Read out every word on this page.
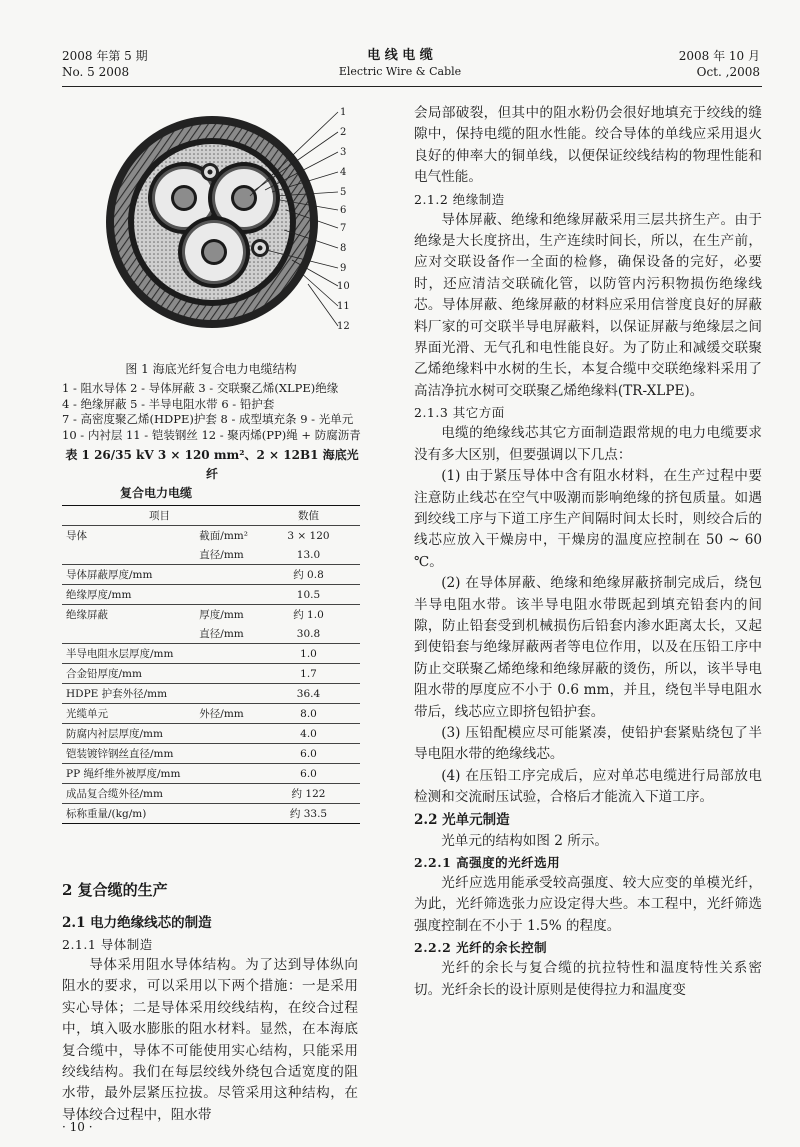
2008 年第 5 期
No. 5 2008
电 线 电 缆
Electric Wire & Cable
2008 年 10 月
Oct. ,2008
1
2
3
4
5
6
7
8
9
10
11
12
图 1 海底光纤复合电力电缆结构
1 - 阻水导体 2 - 导体屏蔽 3 - 交联聚乙烯(XLPE)绝缘
4 - 绝缘屏蔽 5 - 半导电阻水带 6 - 铅护套
7 - 高密度聚乙烯(HDPE)护套 8 - 成型填充条 9 - 光单元
10 - 内衬层 11 - 铠装钢丝 12 - 聚丙烯(PP)绳 + 防腐沥青
表 1 26/35 kV 3 × 120 mm²、2 × 12B1 海底光纤
复合电力电缆
项目		数值
导体	截面/mm²	3 × 120
	直径/mm	13.0
导体屏蔽厚度/mm		约 0.8
绝缘厚度/mm		10.5
绝缘屏蔽	厚度/mm	约 1.0
	直径/mm	30.8
半导电阻水层厚度/mm		1.0
合金铅厚度/mm		1.7
HDPE 护套外径/mm		36.4
光缆单元	外径/mm	8.0
防腐内衬层厚度/mm		4.0
铠装镀锌钢丝直径/mm		6.0
PP 绳纤维外被厚度/mm		6.0
成品复合缆外径/mm		约 122
标称重量/(kg/m)		约 33.5

2 复合缆的生产

2.1 电力绝缘线芯的制造

2.1.1 导体制造

导体采用阻水导体结构。为了达到导体纵向阻水的要求，可以采用以下两个措施：一是采用实心导体；二是导体采用绞线结构，在绞合过程中，填入吸水膨胀的阻水材料。显然，在本海底复合缆中，导体不可能使用实心结构，只能采用绞线结构。我们在每层绞线外绕包合适宽度的阻水带，最外层紧压拉拔。尽管采用这种结构，在导体绞合过程中，阻水带

会局部破裂，但其中的阻水粉仍会很好地填充于绞线的缝隙中，保持电缆的阻水性能。绞合导体的单线应采用退火良好的伸率大的铜单线，以便保证绞线结构的物理性能和电气性能。

2.1.2 绝缘制造

导体屏蔽、绝缘和绝缘屏蔽采用三层共挤生产。由于绝缘是大长度挤出，生产连续时间长，所以，在生产前，应对交联设备作一全面的检修，确保设备的完好，必要时，还应清洁交联硫化管，以防管内污积物损伤绝缘线芯。导体屏蔽、绝缘屏蔽的材料应采用信誉度良好的屏蔽料厂家的可交联半导电屏蔽料，以保证屏蔽与绝缘层之间界面光滑、无气孔和电性能良好。为了防止和减缓交联聚乙烯绝缘料中水树的生长，本复合缆中交联绝缘料采用了高洁净抗水树可交联聚乙烯绝缘料(TR-XLPE)。

2.1.3 其它方面

电缆的绝缘线芯其它方面制造跟常规的电力电缆要求没有多大区别，但要强调以下几点：

(1) 由于紧压导体中含有阻水材料，在生产过程中要注意防止线芯在空气中吸潮而影响绝缘的挤包质量。如遇到绞线工序与下道工序生产间隔时间太长时，则绞合后的线芯应放入干燥房中，干燥房的温度应控制在 50 ~ 60 ℃。

(2) 在导体屏蔽、绝缘和绝缘屏蔽挤制完成后，绕包半导电阻水带。该半导电阻水带既起到填充铅套内的间隙，防止铅套受到机械损伤后铅套内渗水距离太长，又起到使铅套与绝缘屏蔽两者等电位作用，以及在压铅工序中防止交联聚乙烯绝缘和绝缘屏蔽的烫伤，所以，该半导电阻水带的厚度应不小于 0.6 mm，并且，绕包半导电阻水带后，线芯应立即挤包铅护套。

(3) 压铅配模应尽可能紧凑，使铅护套紧贴绕包了半导电阻水带的绝缘线芯。

(4) 在压铅工序完成后，应对单芯电缆进行局部放电检测和交流耐压试验，合格后才能流入下道工序。

2.2 光单元制造

光单元的结构如图 2 所示。

2.2.1 高强度的光纤选用

光纤应选用能承受较高强度、较大应变的单模光纤，为此，光纤筛选张力应设定得大些。本工程中，光纤筛选强度控制在不小于 1.5% 的程度。

2.2.2 光纤的余长控制

光纤的余长与复合缆的抗拉特性和温度特性关系密切。光纤余长的设计原则是使得拉力和温度变

· 10 ·
